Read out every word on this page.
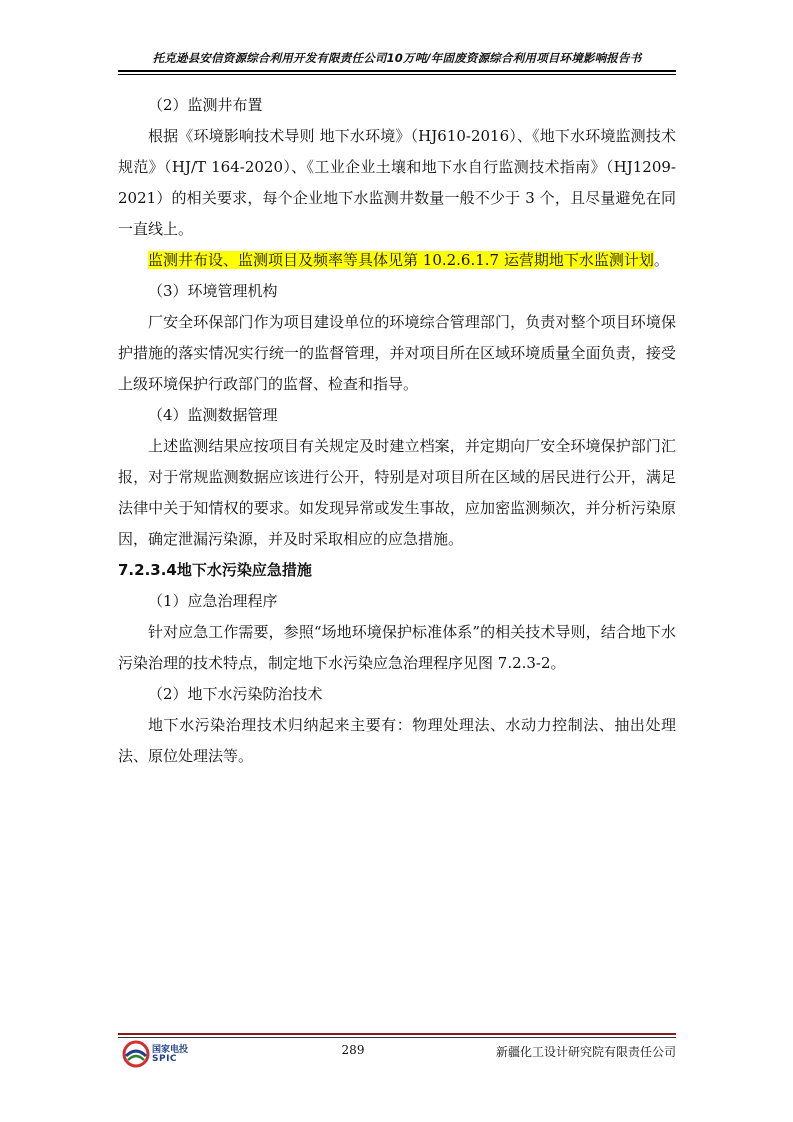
托克逊县安信资源综合利用开发有限责任公司10万吨/年固废资源综合利用项目环境影响报告书

（2）监测井布置

根据《环境影响技术导则 地下水环境》（HJ610-2016）、《地下水环境监测技术规范》（HJ/T 164-2020）、《工业企业土壤和地下水自行监测技术指南》（HJ1209-2021）的相关要求，每个企业地下水监测井数量一般不少于 3 个，且尽量避免在同一直线上。

监测井布设、监测项目及频率等具体见第 10.2.6.1.7 运营期地下水监测计划。

（3）环境管理机构

厂安全环保部门作为项目建设单位的环境综合管理部门，负责对整个项目环境保护措施的落实情况实行统一的监督管理，并对项目所在区域环境质量全面负责，接受上级环境保护行政部门的监督、检查和指导。

（4）监测数据管理

上述监测结果应按项目有关规定及时建立档案，并定期向厂安全环境保护部门汇报，对于常规监测数据应该进行公开，特别是对项目所在区域的居民进行公开，满足法律中关于知情权的要求。如发现异常或发生事故，应加密监测频次，并分析污染原因，确定泄漏污染源，并及时采取相应的应急措施。

7.2.3.4地下水污染应急措施

（1）应急治理程序

针对应急工作需要，参照“场地环境保护标准体系”的相关技术导则，结合地下水污染治理的技术特点，制定地下水污染应急治理程序见图 7.2.3-2。

（2）地下水污染防治技术

地下水污染治理技术归纳起来主要有：物理处理法、水动力控制法、抽出处理法、原位处理法等。

国家电投
SPIC
289	新疆化工设计研究院有限责任公司
